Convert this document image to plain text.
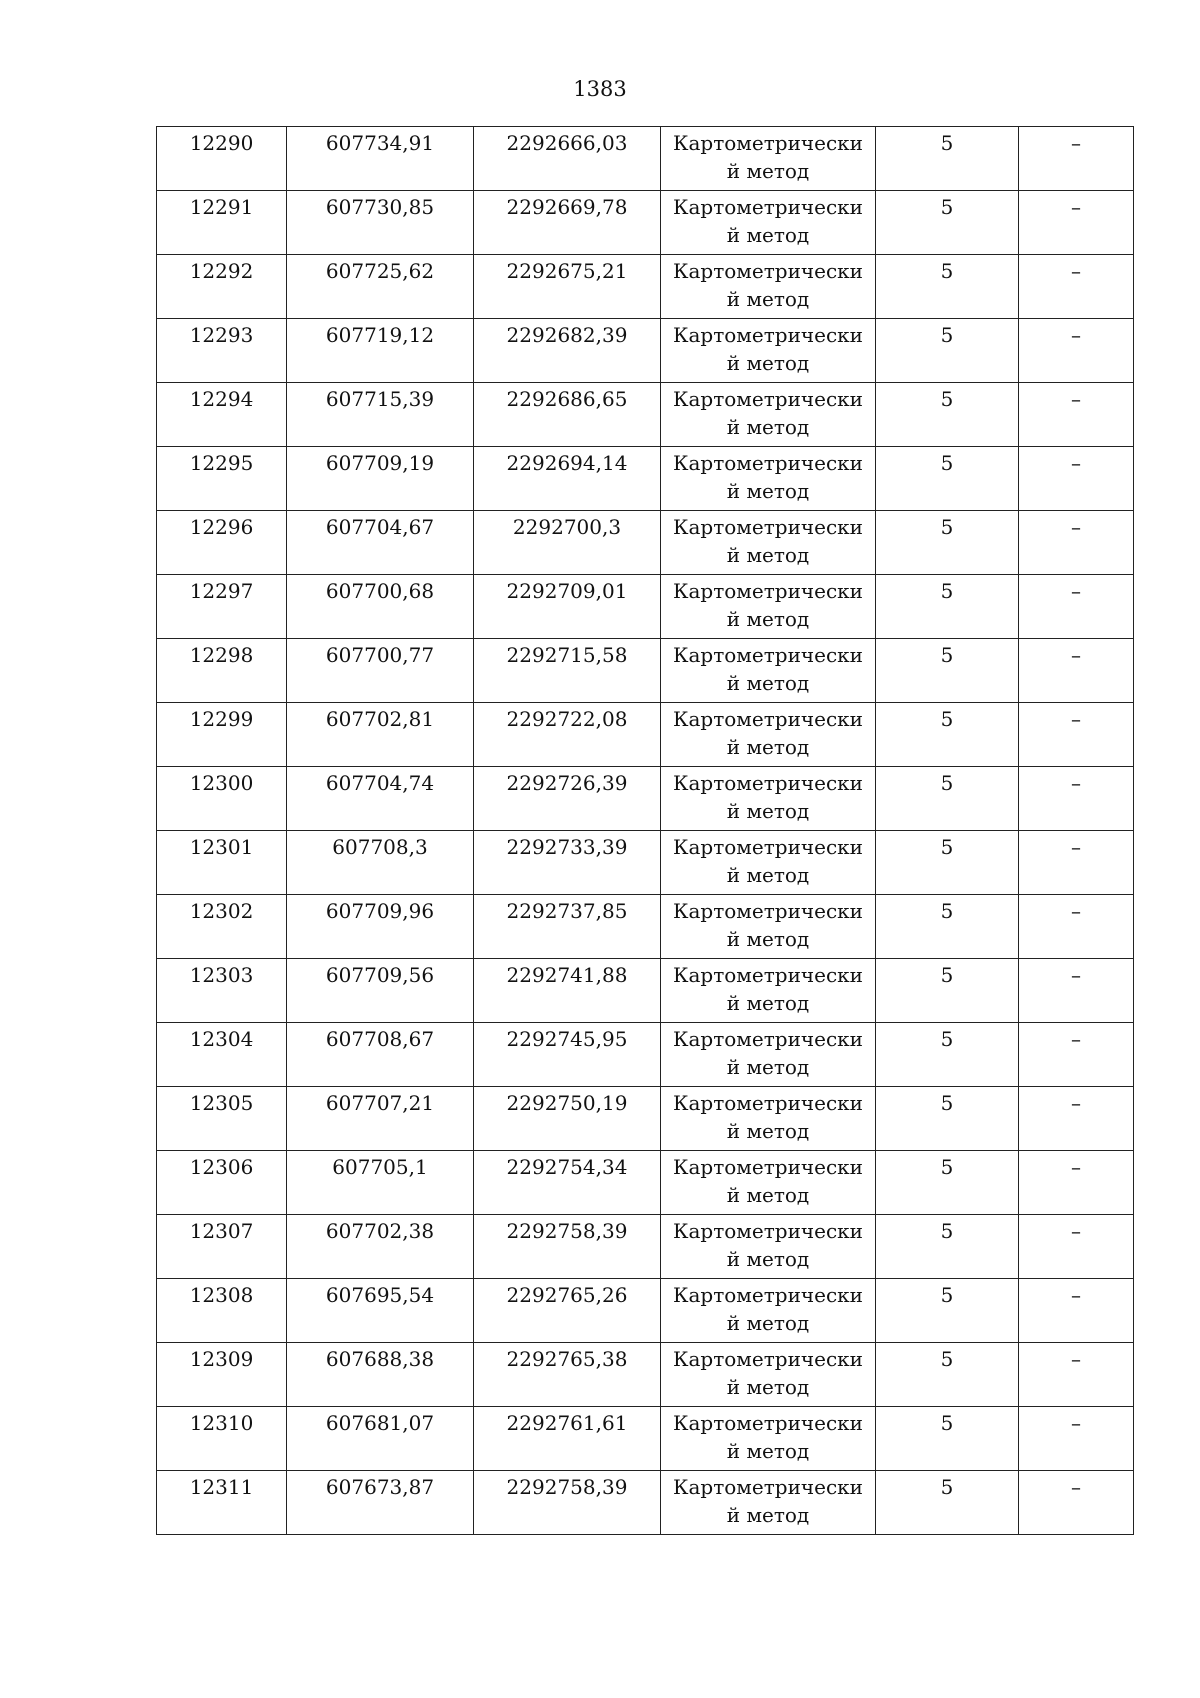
1383
12290	607734,91	2292666,03	Картометрически
й метод	5	–
12291	607730,85	2292669,78	Картометрически
й метод	5	–
12292	607725,62	2292675,21	Картометрически
й метод	5	–
12293	607719,12	2292682,39	Картометрически
й метод	5	–
12294	607715,39	2292686,65	Картометрически
й метод	5	–
12295	607709,19	2292694,14	Картометрически
й метод	5	–
12296	607704,67	2292700,3	Картометрически
й метод	5	–
12297	607700,68	2292709,01	Картометрически
й метод	5	–
12298	607700,77	2292715,58	Картометрически
й метод	5	–
12299	607702,81	2292722,08	Картометрически
й метод	5	–
12300	607704,74	2292726,39	Картометрически
й метод	5	–
12301	607708,3	2292733,39	Картометрически
й метод	5	–
12302	607709,96	2292737,85	Картометрически
й метод	5	–
12303	607709,56	2292741,88	Картометрически
й метод	5	–
12304	607708,67	2292745,95	Картометрически
й метод	5	–
12305	607707,21	2292750,19	Картометрически
й метод	5	–
12306	607705,1	2292754,34	Картометрически
й метод	5	–
12307	607702,38	2292758,39	Картометрически
й метод	5	–
12308	607695,54	2292765,26	Картометрически
й метод	5	–
12309	607688,38	2292765,38	Картометрически
й метод	5	–
12310	607681,07	2292761,61	Картометрически
й метод	5	–
12311	607673,87	2292758,39	Картометрически
й метод	5	–
